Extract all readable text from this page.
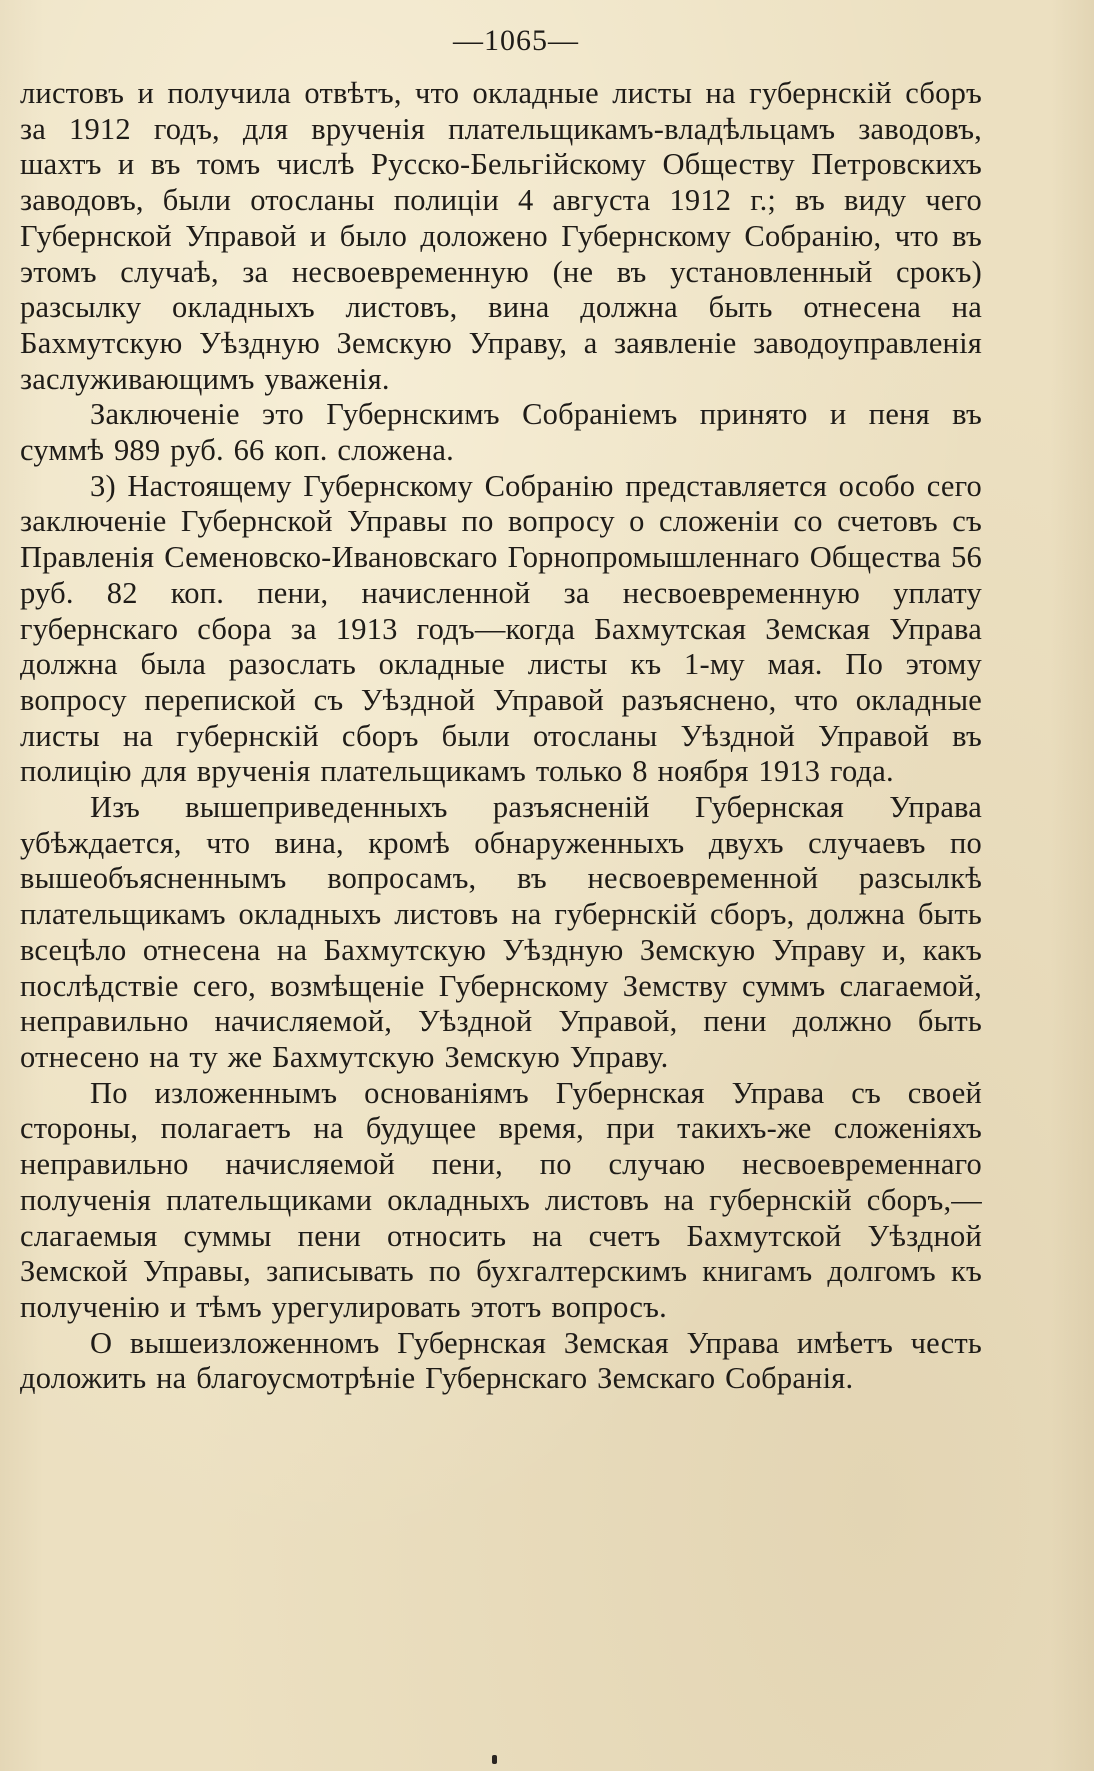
—1065—

листовъ и получила отвѣтъ, что окладные листы на губернскій сборъ за 1912 годъ, для врученія плательщикамъ-владѣльцамъ заводовъ, шахтъ и въ томъ числѣ Русско-Бельгійскому Обществу Петровскихъ заводовъ, были отосланы полиціи 4 августа 1912 г.; въ виду чего Губернской Управой и было доложено Губернскому Собранію, что въ этомъ случаѣ, за несвоевременную (не въ установленный срокъ) разсылку окладныхъ листовъ, вина должна быть отнесена на Бахмутскую Уѣздную Земскую Управу, а заявленіе заводоуправленія заслуживающимъ уваженія.

Заключеніе это Губернскимъ Собраніемъ принято и пеня въ суммѣ 989 руб. 66 коп. сложена.

3) Настоящему Губернскому Собранію представляется особо сего заключеніе Губернской Управы по вопросу о сложеніи со счетовъ съ Правленія Семеновско-Ивановскаго Горнопромышленнаго Общества 56 руб. 82 коп. пени, начисленной за несвоевременную уплату губернскаго сбора за 1913 годъ—когда Бахмутская Земская Управа должна была разослать окладные листы къ 1-му мая. По этому вопросу перепиской съ Уѣздной Управой разъяснено, что окладные листы на губернскій сборъ были отосланы Уѣздной Управой въ полицію для врученія плательщикамъ только 8 ноября 1913 года.

Изъ вышеприведенныхъ разъясненій Губернская Управа убѣждается, что вина, кромѣ обнаруженныхъ двухъ случаевъ по вышеобъясненнымъ вопросамъ, въ несвоевременной разсылкѣ плательщикамъ окладныхъ листовъ на губернскій сборъ, должна быть всецѣло отнесена на Бахмутскую Уѣздную Земскую Управу и, какъ послѣдствіе сего, возмѣщеніе Губернскому Земству суммъ слагаемой, неправильно начисляемой, Уѣздной Управой, пени должно быть отнесено на ту же Бахмутскую Земскую Управу.

По изложеннымъ основаніямъ Губернская Управа съ своей стороны, полагаетъ на будущее время, при такихъ-же сложеніяхъ неправильно начисляемой пени, по случаю несвоевременнаго полученія плательщиками окладныхъ листовъ на губернскій сборъ,—слагаемыя суммы пени относить на счетъ Бахмутской Уѣздной Земской Управы, записывать по бухгалтерскимъ книгамъ долгомъ къ полученію и тѣмъ урегулировать этотъ вопросъ.

О вышеизложенномъ Губернская Земская Управа имѣетъ честь доложить на благоусмотрѣніе Губернскаго Земскаго Собранія.
